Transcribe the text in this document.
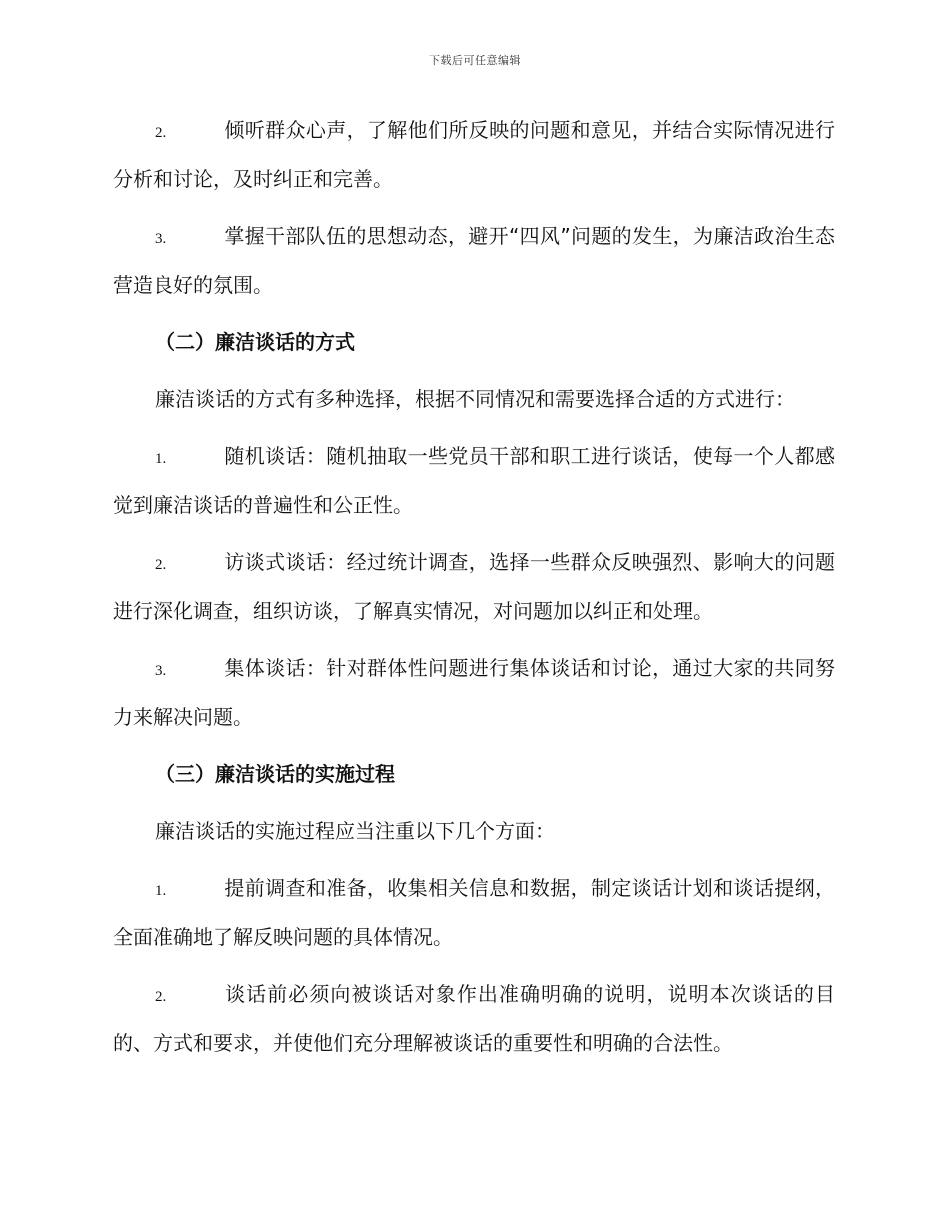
下载后可任意编辑

2.	倾听群众心声，了解他们所反映的问题和意见，并结合实际情况进行分析和讨论，及时纠正和完善。

3.	掌握干部队伍的思想动态，避开“四风”问题的发生，为廉洁政治生态营造良好的氛围。

（二）廉洁谈话的方式

廉洁谈话的方式有多种选择，根据不同情况和需要选择合适的方式进行：

1.	随机谈话：随机抽取一些党员干部和职工进行谈话，使每一个人都感觉到廉洁谈话的普遍性和公正性。

2.	访谈式谈话：经过统计调查，选择一些群众反映强烈、影响大的问题进行深化调查，组织访谈，了解真实情况，对问题加以纠正和处理。

3.	集体谈话：针对群体性问题进行集体谈话和讨论，通过大家的共同努力来解决问题。

（三）廉洁谈话的实施过程

廉洁谈话的实施过程应当注重以下几个方面：

1.	提前调查和准备，收集相关信息和数据，制定谈话计划和谈话提纲，全面准确地了解反映问题的具体情况。

2.	谈话前必须向被谈话对象作出准确明确的说明，说明本次谈话的目的、方式和要求，并使他们充分理解被谈话的重要性和明确的合法性。
